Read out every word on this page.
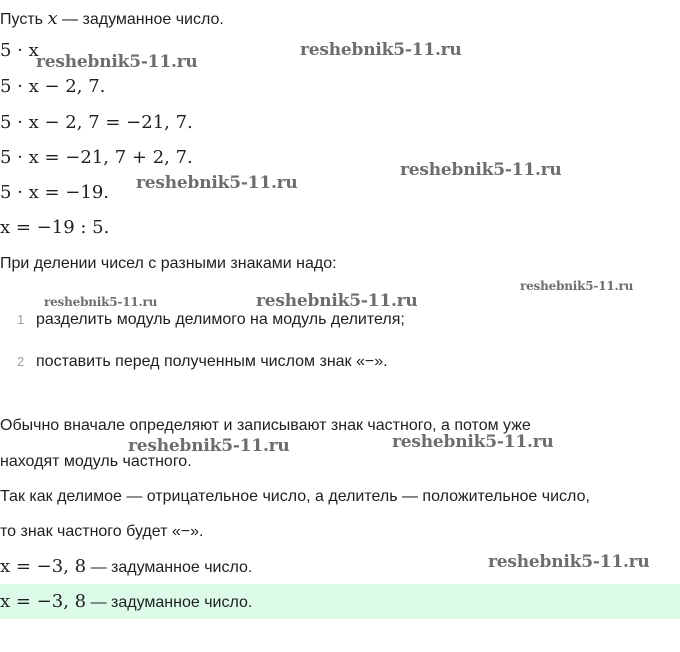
Пусть x — задуманное число.
5 · x
5 · x − 2, 7.
5 · x − 2, 7 = −21, 7.
5 · x = −21, 7 + 2, 7.
5 · x = −19.
x = −19 : 5.
При делении чисел с разными знаками надо:
1 разделить модуль делимого на модуль делителя;
2 поставить перед полученным числом знак «−».
Обычно вначале определяют и записывают знак частного, а потом уже
находят модуль частного.
Так как делимое — отрицательное число, а делитель — положительное число,
то знак частного будет «−».
x = −3, 8 — задуманное число.
x = −3, 8 — задуманное число.
reshebnik5-11.ru
reshebnik5-11.ru
reshebnik5-11.ru
reshebnik5-11.ru
reshebnik5-11.ru
reshebnik5-11.ru	reshebnik5-11.ru
reshebnik5-11.ru	reshebnik5-11.ru
reshebnik5-11.ru
